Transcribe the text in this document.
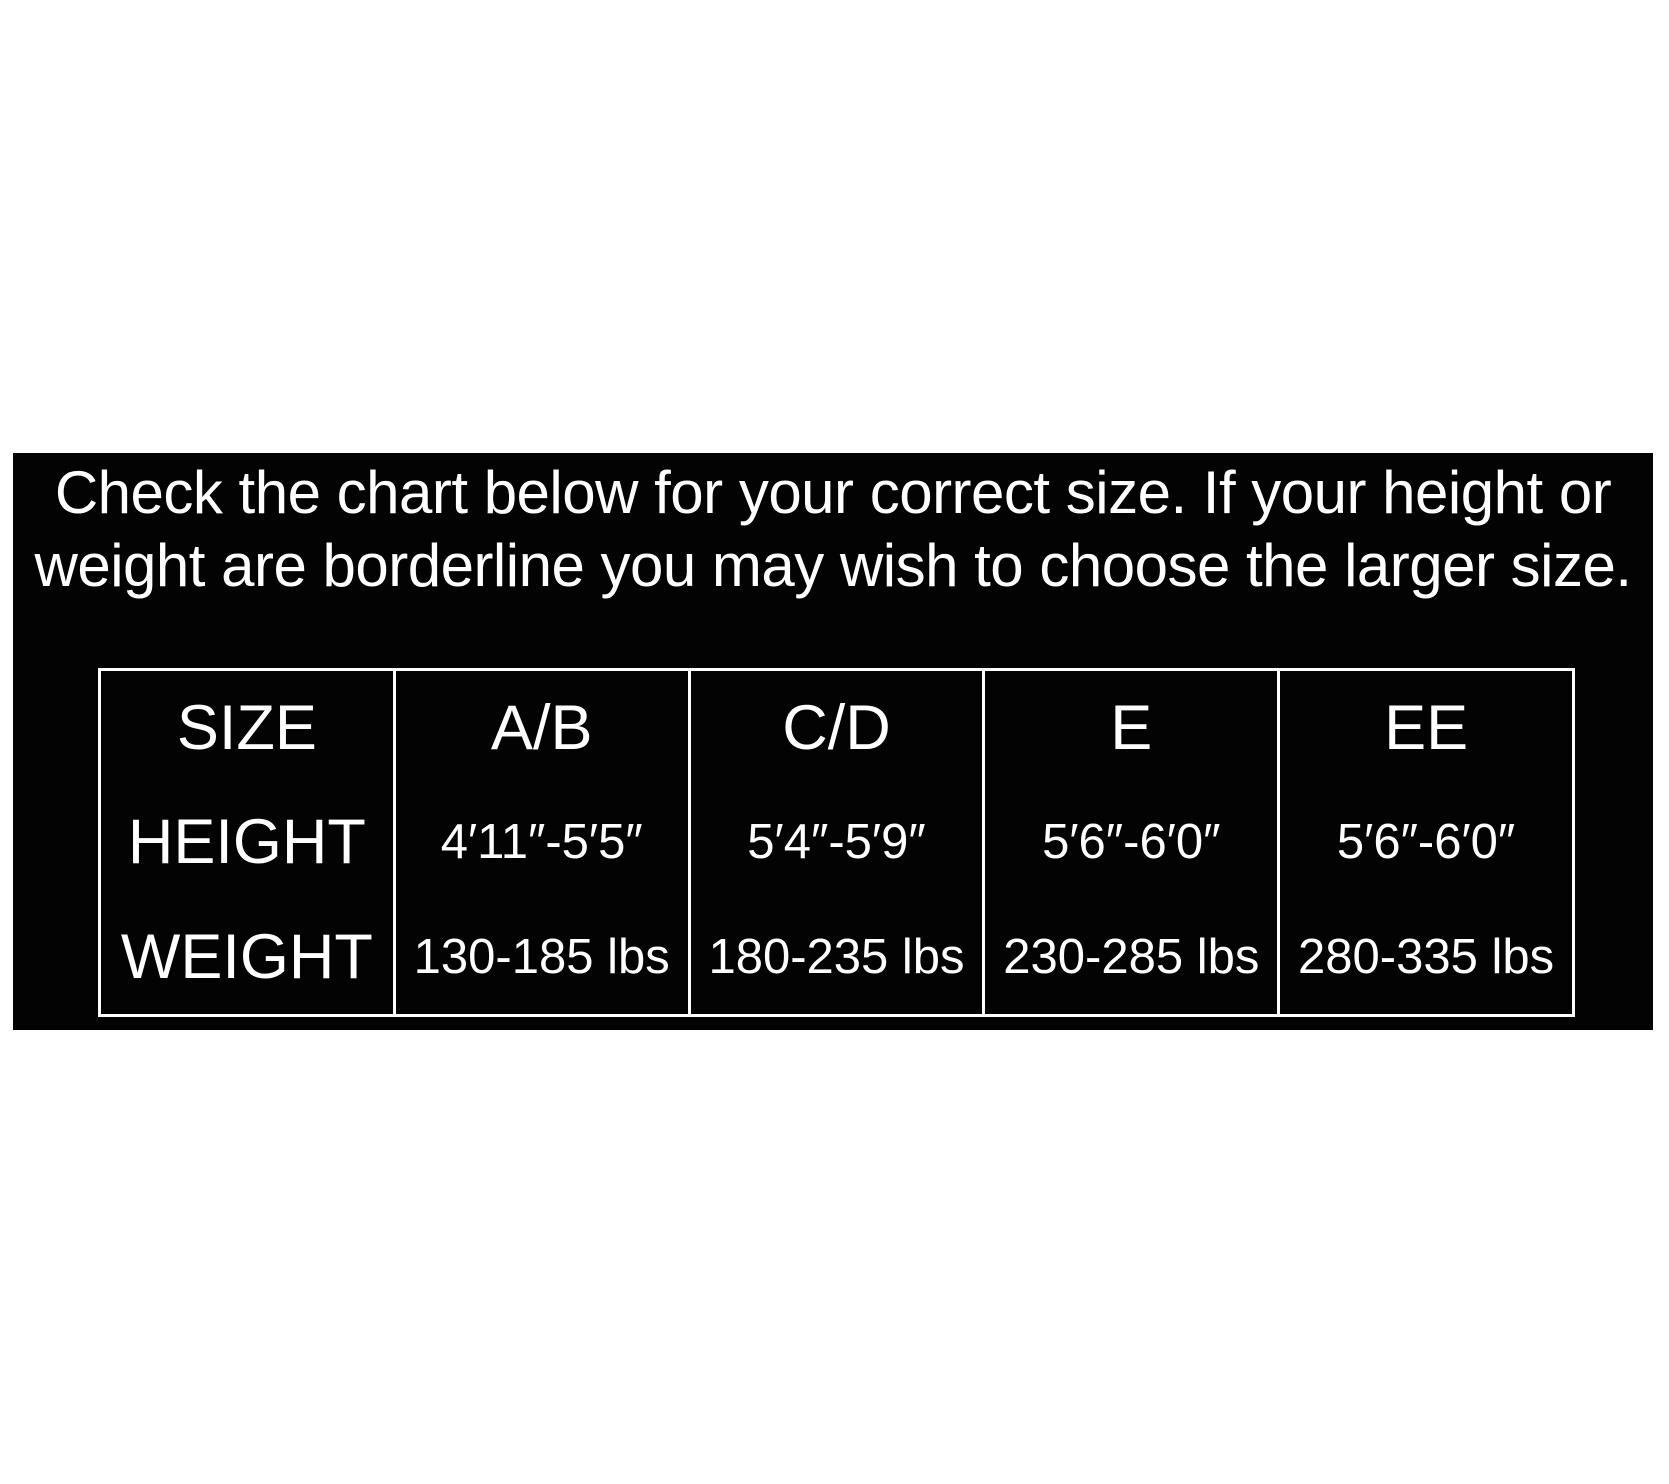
Check the chart below for your correct size. If your height or
weight are borderline you may wish to choose the larger size.
SIZE
HEIGHT
WEIGHT
A/B
4′11″-5′5″
130-185 lbs
C/D
5′4″-5′9″
180-235 lbs
E
5′6″-6′0″
230-285 lbs
EE
5′6″-6′0″
280-335 lbs
